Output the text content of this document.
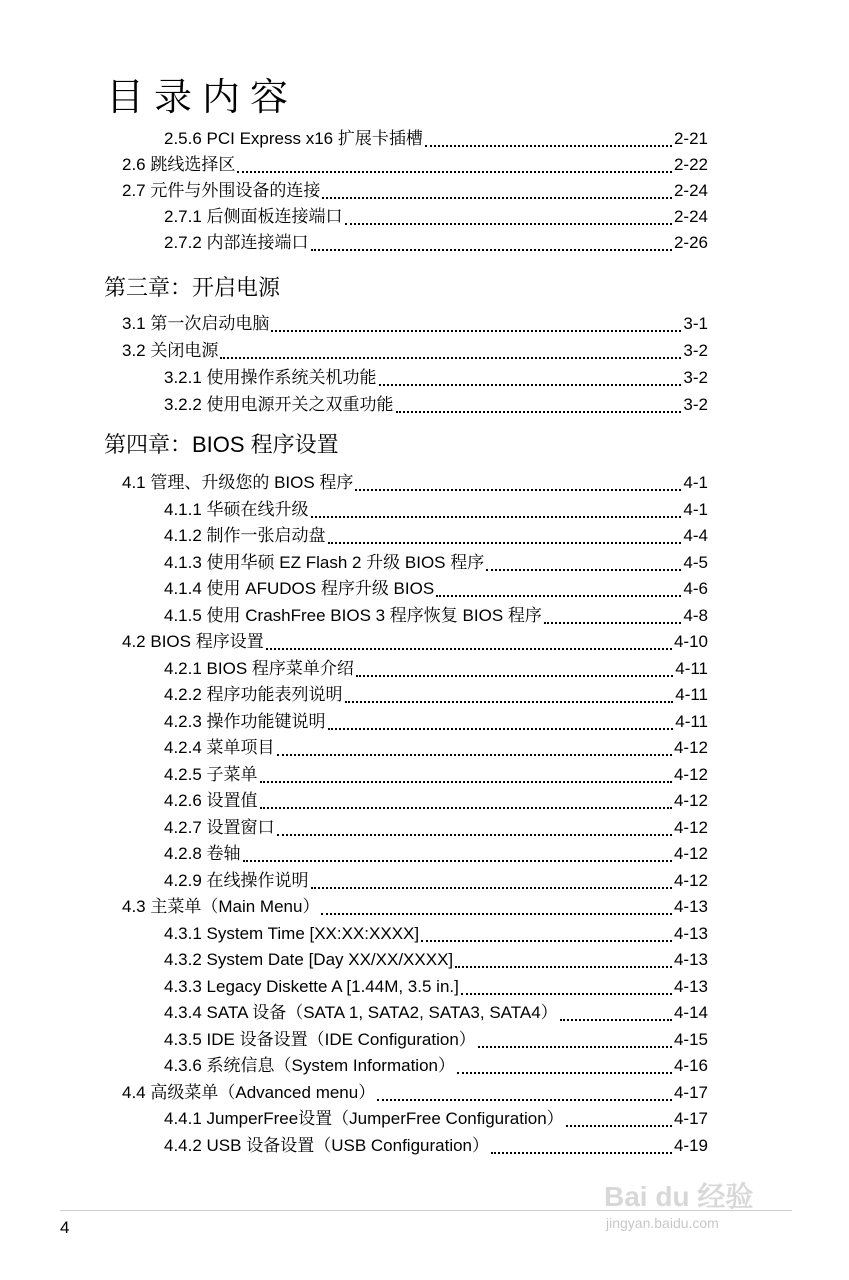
目录内容
2.5.6 PCI Express x16 扩展卡插槽	2-21
2.6 跳线选择区	2-22
2.7 元件与外围设备的连接	2-24
2.7.1 后侧面板连接端口	2-24
2.7.2 内部连接端口	2-26
第三章：开启电源
3.1 第一次启动电脑	3-1
3.2 关闭电源	3-2
3.2.1 使用操作系统关机功能	3-2
3.2.2 使用电源开关之双重功能	3-2
第四章：BIOS 程序设置
4.1 管理、升级您的 BIOS 程序	4-1
4.1.1 华硕在线升级	4-1
4.1.2 制作一张启动盘	4-4
4.1.3 使用华硕 EZ Flash 2 升级 BIOS 程序	4-5
4.1.4 使用 AFUDOS 程序升级 BIOS	4-6
4.1.5 使用 CrashFree BIOS 3 程序恢复 BIOS 程序	4-8
4.2 BIOS 程序设置	4-10
4.2.1 BIOS 程序菜单介绍	4-11
4.2.2 程序功能表列说明	4-11
4.2.3 操作功能键说明	4-11
4.2.4 菜单项目	4-12
4.2.5 子菜单	4-12
4.2.6 设置值	4-12
4.2.7 设置窗口	4-12
4.2.8 卷轴	4-12
4.2.9 在线操作说明	4-12
4.3 主菜单（Main Menu）	4-13
4.3.1 System Time [XX:XX:XXXX]	4-13
4.3.2 System Date [Day XX/XX/XXXX]	4-13
4.3.3 Legacy Diskette A [1.44M, 3.5 in.]	4-13
4.3.4 SATA 设备（SATA 1, SATA2, SATA3, SATA4）	4-14
4.3.5 IDE 设备设置（IDE Configuration）	4-15
4.3.6 系统信息（System Information）	4-16
4.4 高级菜单（Advanced menu）	4-17
4.4.1 JumperFree设置（JumperFree Configuration）	4-17
4.4.2 USB 设备设置（USB Configuration）	4-19
4
Bai du 经验
jingyan.baidu.com
